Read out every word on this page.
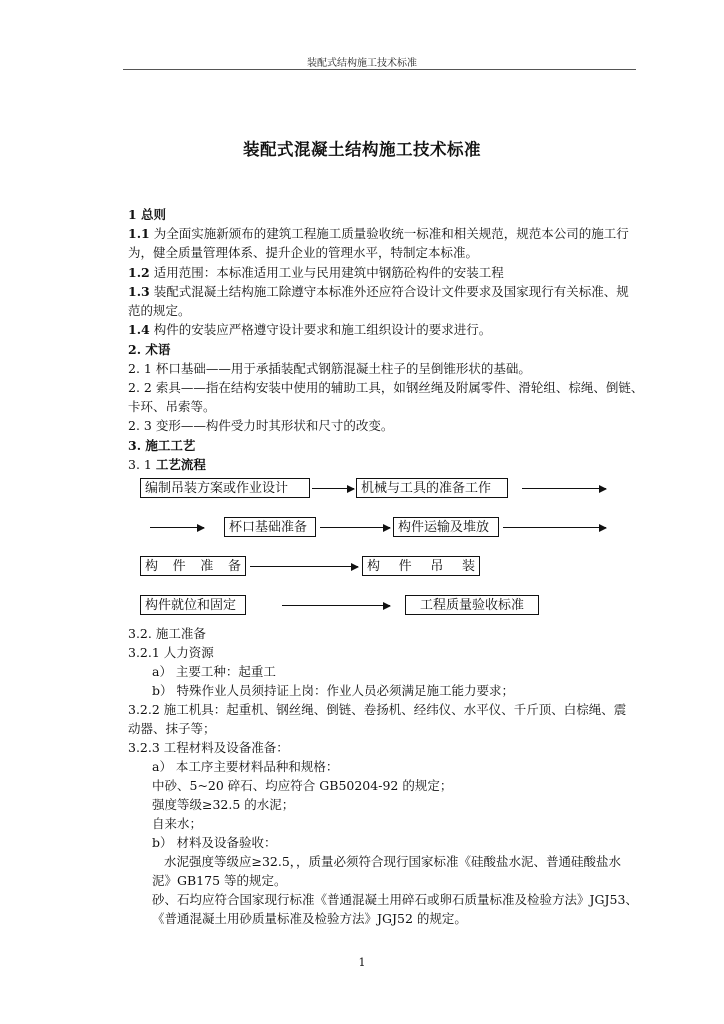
装配式结构施工技术标准
装配式混凝土结构施工技术标准
1 总则
1.1 为全面实施新颁布的建筑工程施工质量验收统一标准和相关规范，规范本公司的施工行
为，健全质量管理体系、提升企业的管理水平，特制定本标准。
1.2 适用范围：本标准适用工业与民用建筑中钢筋砼构件的安装工程
1.3 装配式混凝土结构施工除遵守本标准外还应符合设计文件要求及国家现行有关标准、规
范的规定。
1.4 构件的安装应严格遵守设计要求和施工组织设计的要求进行。
2. 术语
2. 1 杯口基础——用于承插装配式钢筋混凝土柱子的呈倒锥形状的基础。
2. 2 索具——指在结构安装中使用的辅助工具，如钢丝绳及附属零件、滑轮组、棕绳、倒链、
卡环、吊索等。
2. 3 变形——构件受力时其形状和尺寸的改变。
3. 施工工艺
3. 1 工艺流程
编制吊装方案或作业设计	机械与工具的准备工作
杯口基础准备	构件运输及堆放
构 件 准 备	构 件 吊 装
构件就位和固定	工程质量验收标准
3.2. 施工准备
3.2.1 人力资源
a） 主要工种：起重工
b） 特殊作业人员须持证上岗：作业人员必须满足施工能力要求；
3.2.2 施工机具：起重机、钢丝绳、倒链、卷扬机、经纬仪、水平仪、千斤顶、白棕绳、震
动器、抹子等；
3.2.3 工程材料及设备准备：
a） 本工序主要材料品种和规格：
中砂、5~20 碎石、均应符合 GB50204-92 的规定；
强度等级≥32.5 的水泥；
自来水；
b） 材料及设备验收：
水泥强度等级应≥32.5，，质量必须符合现行国家标准《硅酸盐水泥、普通硅酸盐水
泥》GB175 等的规定。
砂、石均应符合国家现行标准《普通混凝土用碎石或卵石质量标准及检验方法》JGJ53、
《普通混凝土用砂质量标准及检验方法》JGJ52 的规定。
1
